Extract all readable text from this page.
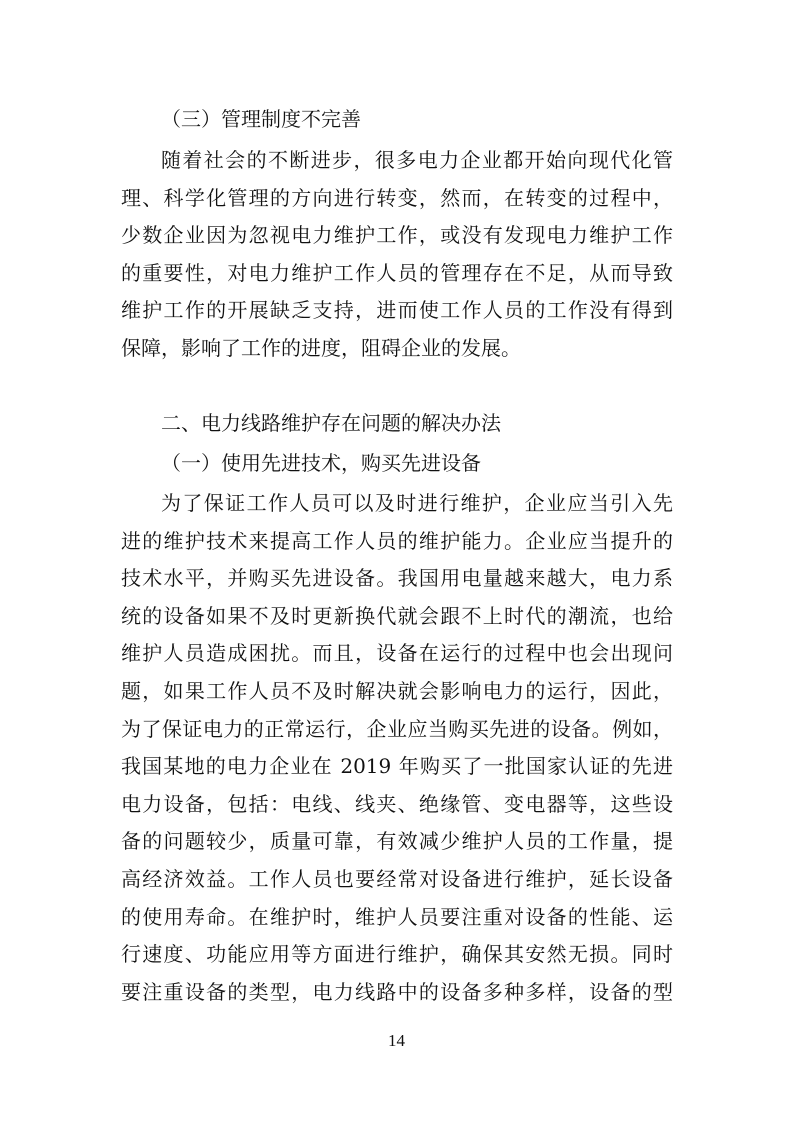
（三）管理制度不完善
随着社会的不断进步，很多电力企业都开始向现代化管
理、科学化管理的方向进行转变，然而，在转变的过程中，
少数企业因为忽视电力维护工作，或没有发现电力维护工作
的重要性，对电力维护工作人员的管理存在不足，从而导致
维护工作的开展缺乏支持，进而使工作人员的工作没有得到
保障，影响了工作的进度，阻碍企业的发展。
二、电力线路维护存在问题的解决办法
（一）使用先进技术，购买先进设备
为了保证工作人员可以及时进行维护，企业应当引入先
进的维护技术来提高工作人员的维护能力。企业应当提升的
技术水平，并购买先进设备。我国用电量越来越大，电力系
统的设备如果不及时更新换代就会跟不上时代的潮流，也给
维护人员造成困扰。而且，设备在运行的过程中也会出现问
题，如果工作人员不及时解决就会影响电力的运行，因此，
为了保证电力的正常运行，企业应当购买先进的设备。例如，
我国某地的电力企业在 2019 年购买了一批国家认证的先进
电力设备，包括：电线、线夹、绝缘管、变电器等，这些设
备的问题较少，质量可靠，有效减少维护人员的工作量，提
高经济效益。工作人员也要经常对设备进行维护，延长设备
的使用寿命。在维护时，维护人员要注重对设备的性能、运
行速度、功能应用等方面进行维护，确保其安然无损。同时
要注重设备的类型，电力线路中的设备多种多样，设备的型
14
